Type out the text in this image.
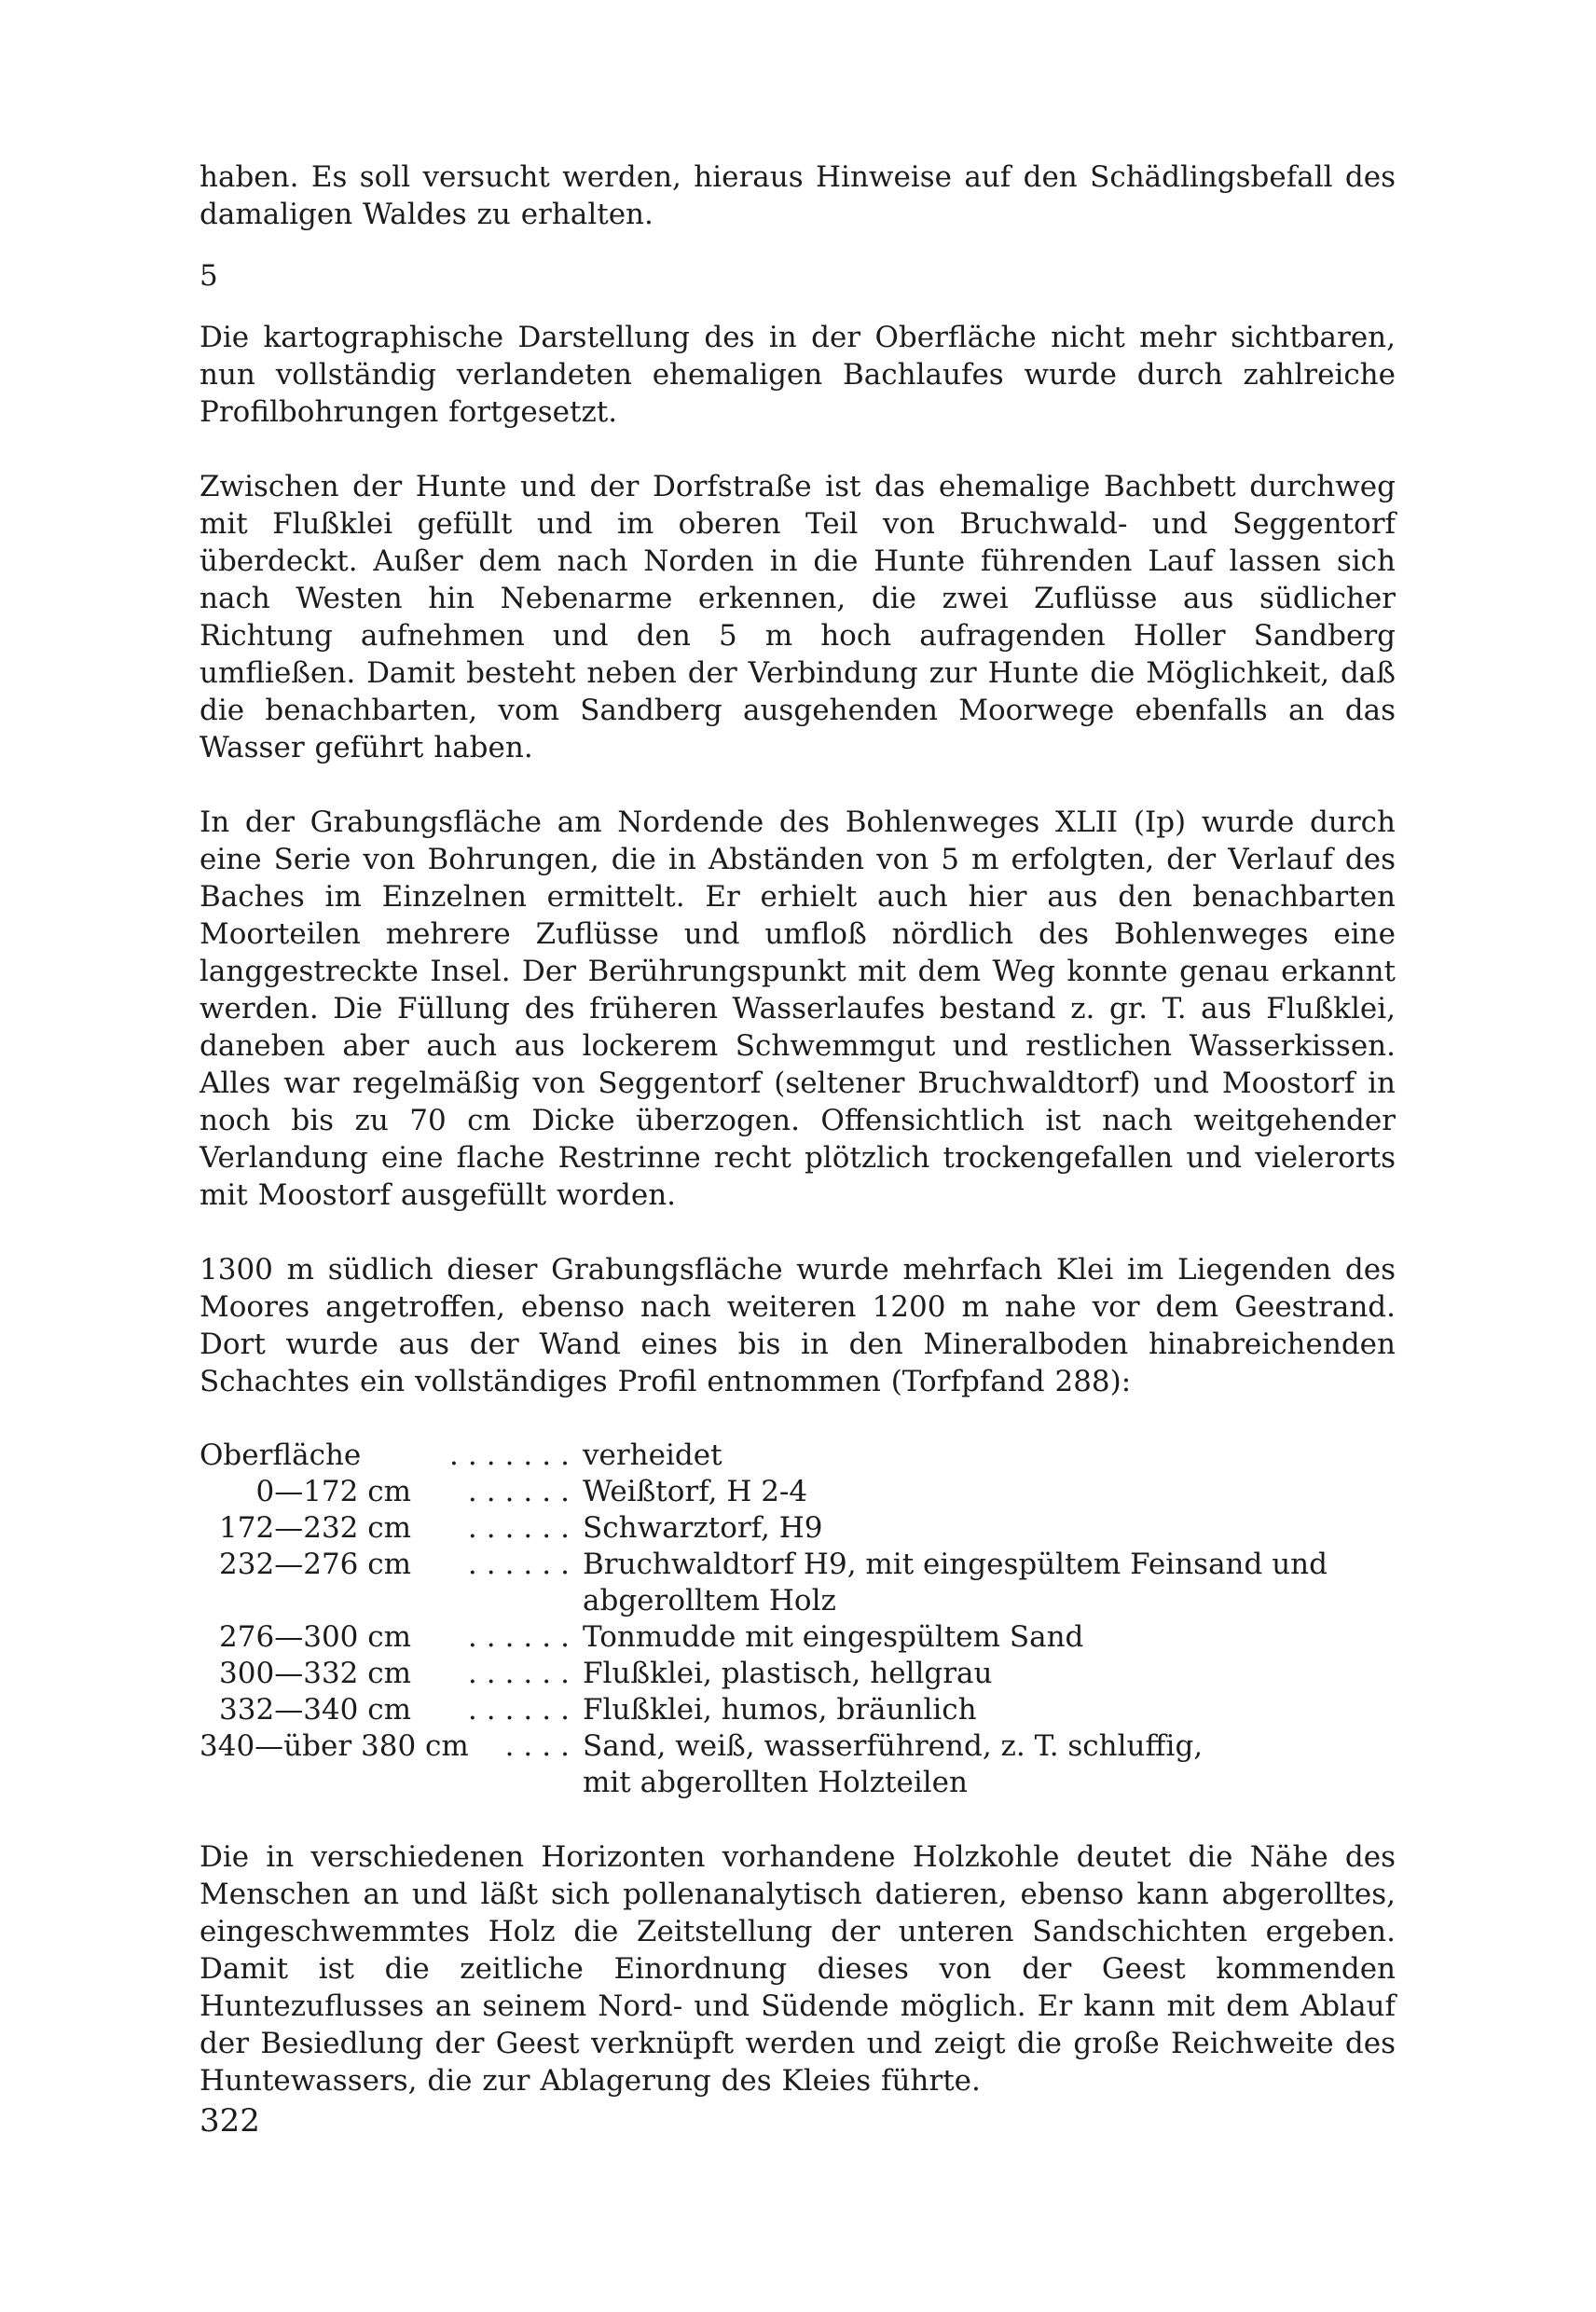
haben. Es soll versucht werden, hieraus Hinweise auf den Schädlingsbefall des damaligen Waldes zu erhalten.

5

Die kartographische Darstellung des in der Oberfläche nicht mehr sichtbaren, nun vollständig verlandeten ehemaligen Bachlaufes wurde durch zahlreiche Profilbohrungen fortgesetzt.

Zwischen der Hunte und der Dorfstraße ist das ehemalige Bachbett durchweg mit Flußklei gefüllt und im oberen Teil von Bruchwald- und Seggentorf überdeckt. Außer dem nach Norden in die Hunte führenden Lauf lassen sich nach Westen hin Nebenarme erkennen, die zwei Zuflüsse aus südlicher Richtung aufnehmen und den 5 m hoch aufragenden Holler Sandberg umfließen. Damit besteht neben der Verbindung zur Hunte die Möglichkeit, daß die benachbarten, vom Sandberg ausgehenden Moorwege ebenfalls an das Wasser geführt haben.

In der Grabungsfläche am Nordende des Bohlenweges XLII (Ip) wurde durch eine Serie von Bohrungen, die in Abständen von 5 m erfolgten, der Verlauf des Baches im Einzelnen ermittelt. Er erhielt auch hier aus den benachbarten Moorteilen mehrere Zuflüsse und umfloß nördlich des Bohlenweges eine langgestreckte Insel. Der Berührungspunkt mit dem Weg konnte genau erkannt werden. Die Füllung des früheren Wasserlaufes bestand z. gr. T. aus Flußklei, daneben aber auch aus lockerem Schwemmgut und restlichen Wasserkissen. Alles war regelmäßig von Seggentorf (seltener Bruchwaldtorf) und Moostorf in noch bis zu 70 cm Dicke überzogen. Offensichtlich ist nach weitgehender Verlandung eine flache Restrinne recht plötzlich trockengefallen und vielerorts mit Moostorf ausgefüllt worden.

1300 m südlich dieser Grabungsfläche wurde mehrfach Klei im Liegenden des Moores angetroffen, ebenso nach weiteren 1200 m nahe vor dem Geestrand. Dort wurde aus der Wand eines bis in den Mineralboden hinabreichenden Schachtes ein vollständiges Profil entnommen (Torfpfand 288):

Oberfläche	....... verheidet
0—172 cm	...... Weißtorf, H 2-4
172—232 cm	...... Schwarztorf, H9
232—276 cm	...... Bruchwaldtorf H9, mit eingespültem Feinsand und
abgerolltem Holz
276—300 cm	...... Tonmudde mit eingespültem Sand
300—332 cm	...... Flußklei, plastisch, hellgrau
332—340 cm	...... Flußklei, humos, bräunlich
340—über 380 cm	.... Sand, weiß, wasserführend, z. T. schluffig,
mit abgerollten Holzteilen

Die in verschiedenen Horizonten vorhandene Holzkohle deutet die Nähe des Menschen an und läßt sich pollenanalytisch datieren, ebenso kann abgerolltes, eingeschwemmtes Holz die Zeitstellung der unteren Sandschichten ergeben. Damit ist die zeitliche Einordnung dieses von der Geest kommenden Huntezuflusses an seinem Nord- und Südende möglich. Er kann mit dem Ablauf der Besiedlung der Geest verknüpft werden und zeigt die große Reichweite des Huntewassers, die zur Ablagerung des Kleies führte.

322
